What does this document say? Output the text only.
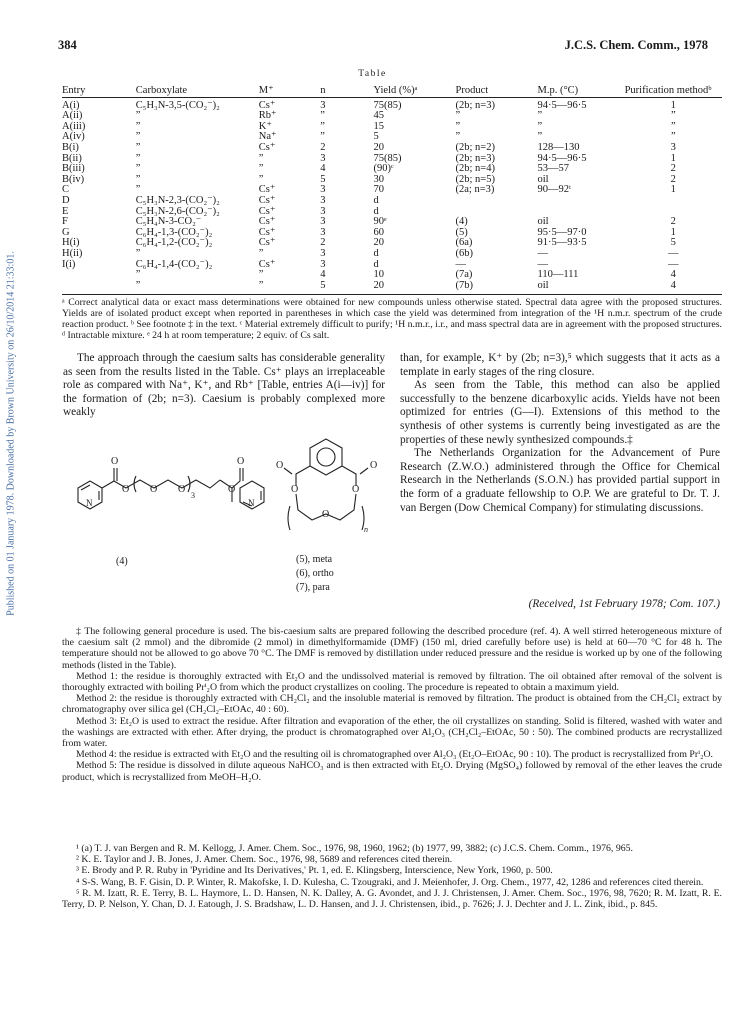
384	J.C.S. Chem. Comm., 1978
Published on 01 January 1978. Downloaded by Brown University on 26/10/2014 21:33:01.
Table
Entry	Carboxylate	M⁺	n	Yield (%)ᵃ	Product	M.p. (°C)	Purification methodᵇ
A(i)	C₅H₃N-3,5-(CO₂⁻)₂	Cs⁺	3	75(85)	(2b; n=3)	94·5—96·5	1
A(ii)	”	Rb⁺	”	45	”	”	”
A(iii)	”	K⁺	”	15	”	”	”
A(iv)	”	Na⁺	”	5	”	”	”
B(i)	”	Cs⁺	2	20	(2b; n=2)	128—130	3
B(ii)	”	”	3	75(85)	(2b; n=3)	94·5—96·5	1
B(iii)	”	”	4	(90)ᶜ	(2b; n=4)	53—57	2
B(iv)	”	”	5	30	(2b; n=5)	oil	2
C	”	Cs⁺	3	70	(2a; n=3)	90—92ᵗ	1
D	C₅H₃N-2,3-(CO₂⁻)₂	Cs⁺	3	d			
E	C₅H₃N-2,6-(CO₂⁻)₂	Cs⁺	3	d			
F	C₅H₄N-3-CO₂⁻	Cs⁺	3	90ᵉ	(4)	oil	2
G	C₆H₄-1,3-(CO₂⁻)₂	Cs⁺	3	60	(5)	95·5—97·0	1
H(i)	C₆H₄-1,2-(CO₂⁻)₂	Cs⁺	2	20	(6a)	91·5—93·5	5
H(ii)	”	”	3	d	(6b)	—	—
I(i)	C₆H₄-1,4-(CO₂⁻)₂	Cs⁺	3	d	—	—	—
	”	”	4	10	(7a)	110—111	4
	”	”	5	20	(7b)	oil	4
ᵃ Correct analytical data or exact mass determinations were obtained for new compounds unless otherwise stated. Spectral data agree with the proposed structures. Yields are of isolated product except when reported in parentheses in which case the yield was determined from integration of the ¹H n.m.r. spectrum of the crude reaction product. ᵇ See footnote ‡ in the text. ᶜ Material extremely difficult to purify; ¹H n.m.r., i.r., and mass spectral data are in agreement with the proposed structures. ᵈ Intractable mixture. ᵉ 24 h at room temperature; 2 equiv. of Cs salt.

The approach through the caesium salts has considerable generality as seen from the results listed in the Table. Cs⁺ plays an irreplaceable role as compared with Na⁺, K⁺, and Rb⁺ [Table, entries A(i—iv)] for the formation of (2b; n=3). Caesium is probably complexed more weakly

O	O
N	N
O O O	O
3
O	O
O	O
O
n
(4)	(5), meta
(6), ortho
(7), para

than, for example, K⁺ by (2b; n=3),⁵ which suggests that it acts as a template in early stages of the ring closure.

As seen from the Table, this method can also be applied successfully to the benzene dicarboxylic acids. Yields have not been optimized for entries (G—I). Extensions of this method to the synthesis of other systems is currently being investigated as are the properties of these newly synthesized compounds.‡

The Netherlands Organization for the Advancement of Pure Research (Z.W.O.) administered through the Office for Chemical Research in the Netherlands (S.O.N.) has provided partial support in the form of a graduate fellowship to O.P. We are grateful to Dr. T. J. van Bergen (Dow Chemical Company) for stimulating discussions.

(Received, 1st February 1978; Com. 107.)

‡ The following general procedure is used. The bis-caesium salts are prepared following the described procedure (ref. 4). A well stirred heterogeneous mixture of the caesium salt (2 mmol) and the dibromide (2 mmol) in dimethylformamide (DMF) (150 ml, dried carefully before use) is held at 60—70 °C for 48 h. The temperature should not be allowed to go above 70 °C. The DMF is removed by distillation under reduced pressure and the residue is worked up by one of the following methods (listed in the Table).

Method 1: the residue is thoroughly extracted with Et₂O and the undissolved material is removed by filtration. The oil obtained after removal of the solvent is thoroughly extracted with boiling Prⁱ₂O from which the product crystallizes on cooling. The procedure is repeated to obtain a maximum yield.

Method 2: the residue is thoroughly extracted with CH₂Cl₂ and the insoluble material is removed by filtration. The product is obtained from the CH₂Cl₂ extract by chromatography over silica gel (CH₂Cl₂–EtOAc, 40 : 60).

Method 3: Et₂O is used to extract the residue. After filtration and evaporation of the ether, the oil crystallizes on standing. Solid is filtered, washed with water and the washings are extracted with ether. After drying, the product is chromatographed over Al₂O₃ (CH₂Cl₂–EtOAc, 50 : 50). The combined products are recrystallized from water.

Method 4: the residue is extracted with Et₂O and the resulting oil is chromatographed over Al₂O₃ (Et₂O–EtOAc, 90 : 10). The product is recrystallized from Prⁱ₂O.

Method 5: The residue is dissolved in dilute aqueous NaHCO₃ and is then extracted with Et₂O. Drying (MgSO₄) followed by removal of the ether leaves the crude product, which is recrystallized from MeOH–H₂O.

¹ (a) T. J. van Bergen and R. M. Kellogg, J. Amer. Chem. Soc., 1976, 98, 1960, 1962; (b) 1977, 99, 3882; (c) J.C.S. Chem. Comm., 1976, 965.

² K. E. Taylor and J. B. Jones, J. Amer. Chem. Soc., 1976, 98, 5689 and references cited therein.

³ E. Brody and P. R. Ruby in 'Pyridine and Its Derivatives,' Pt. 1, ed. E. Klingsberg, Interscience, New York, 1960, p. 500.

⁴ S-S. Wang, B. F. Gisin, D. P. Winter, R. Makofske, I. D. Kulesha, C. Tzougraki, and J. Meienhofer, J. Org. Chem., 1977, 42, 1286 and references cited therein.

⁵ R. M. Izatt, R. E. Terry, B. L. Haymore, L. D. Hansen, N. K. Dalley, A. G. Avondet, and J. J. Christensen, J. Amer. Chem. Soc., 1976, 98, 7620; R. M. Izatt, R. E. Terry, D. P. Nelson, Y. Chan, D. J. Eatough, J. S. Bradshaw, L. D. Hansen, and J. J. Christensen, ibid., p. 7626; J. J. Dechter and J. L. Zink, ibid., p. 845.
